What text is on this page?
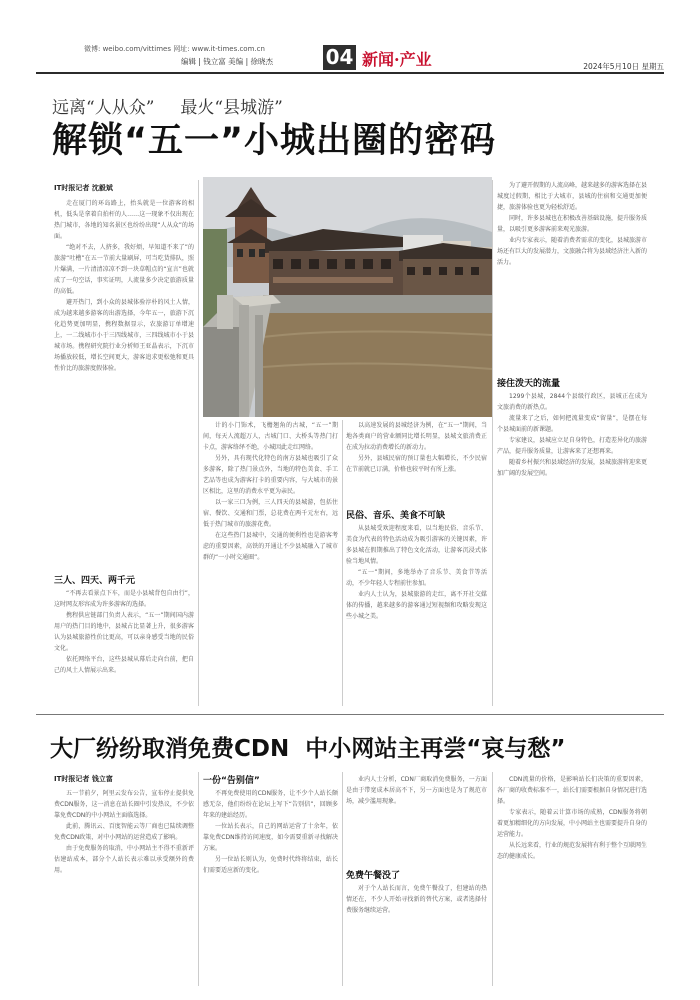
微博: weibo.com/vittimes 网址: www.it-times.com.cn
编辑 | 钱立富 美编 | 徐晓杰	04 新闻·产业	2024年5月10日 星期五
远离“人从众” 最火“县城游”
解锁“五一”小城出圈的密码
IT时报记者 沈毅斌

走在厦门的环岛路上，抬头就是一位游客的相机，低头是拿着自拍杆的人……这一现象不仅出现在热门城市，各地的知名景区也纷纷出现“人从众”的场面。

“绝对不去，人挤多，我好烦，早知道不来了”的旅游“吐槽”在五一节前大量刷屏，可当吃货排队，照片爆满，一片清清凉凉不到一块草帽点的“宣言”也就成了一句空话，事实证明，人流量多少决定旅游质量的高低。

避开热门，到小众的县城体验淳朴的风土人情，成为越来越多游客的出游选择，今年五一，旅游下沉化趋势更加明显，携程数据显示，农旅游订单增速上，一二线城市小于三四线城市，三四线城市小于县城市场。携程研究院行业分析师王亚晶表示，下沉市场播放较低，增长空间更大，游客追求更松弛和更具性价比的旅游度假体验。

三人、四天、两千元

“不再去看景点下车，而是小县城背包自由行”，这时网友形容成为许多游客的选择。

携程供应链部门负责人表示，“五一”期间国内游用户的热门目的地中，县城占比显著上升，很多游客认为县城旅游性价比更高，可以亲身感受当地的民俗文化。

依托网络平台，这些县城从幕后走向台前，把自己的风土人情展示出来。

计的小门饰术，飞檐翘角的古城，“五一”期间，每天人流超万人，古城门口、大桥头等热门打卡点，游客络绎不绝，小城因此走红网络。

另外，具有现代化特色的南方县城也吸引了众多游客，除了热门景点外，当地的特色美食、手工艺品等也成为游客打卡的重要内容，与大城市的景区相比，这里的消费水平更为亲民。

以一家三口为例，三人四天的县城游，包括住宿、餐饮、交通和门票，总花费在两千元左右，远低于热门城市的旅游花费。

在这些热门县城中，交通的便利性也是游客考虑的重要因素，高铁的开通让不少县城融入了城市群的“一小时交通圈”。

以高速发展的县城经济为例，在“五一”期间，当地各类商户的营业额同比增长明显，县城文旅消费正在成为拉动消费增长的新动力。

另外，县城民宿的预订量也大幅增长，不少民宿在节前就已订满，价格也较平时有所上涨。

民俗、音乐、美食不可缺

从县城受欢迎程度来看，以当地民俗、音乐节、美食为代表的特色活动成为吸引游客的关键因素，许多县城在假期推出了特色文化活动，让游客沉浸式体验当地风情。

“五一”期间，多地举办了音乐节、美食节等活动，不少年轻人专程前往参加。

业内人士认为，县城旅游的走红，离不开社交媒体的传播，越来越多的游客通过短视频和攻略发现这些小城之美。

为了避开假期的人流高峰，越来越多的游客选择在县城度过假期，相比于大城市，县城的住宿和交通更加便捷，旅游体验也更为轻松舒适。

同时，许多县城也在积极改善基础设施，提升服务质量，以吸引更多游客前来观光旅游。

业内专家表示，随着消费者需求的变化，县城旅游市场还有巨大的发展潜力，文旅融合将为县域经济注入新的活力。

接住泼天的流量

1299个县城，2844个县级行政区，县城正在成为文旅消费的新热点。

流量来了之后，如何把流量变成“留量”，是摆在每个县城面前的新课题。

专家建议，县城应立足自身特色，打造差异化的旅游产品，提升服务质量，让游客来了还想再来。

随着乡村振兴和县域经济的发展，县城旅游将迎来更加广阔的发展空间。

大厂纷纷取消免费CDN 中小网站主再尝“哀与愁”
IT时报记者 钱立富

五一节前夕，阿里云发布公告，宣布停止提供免费CDN服务，这一消息在站长圈中引发热议，不少依靠免费CDN的中小网站主面临选择。

此前，腾讯云、百度智能云等厂商也已陆续调整免费CDN政策，对中小网站的运营造成了影响。

由于免费服务的取消，中小网站主不得不重新评估建站成本，部分个人站长表示难以承受额外的费用。

一份“告别信”

不再免费使用的CDN服务，让不少个人站长颇感无奈，他们纷纷在论坛上写下“告别信”，回顾多年来的建站经历。

一位站长表示，自己的网站运营了十余年，依靠免费CDN维持访问速度，如今需要重新寻找解决方案。

另一位站长则认为，免费时代终将结束，站长们需要适应新的变化。

业内人士分析，CDN厂商取消免费服务，一方面是由于带宽成本居高不下，另一方面也是为了规范市场，减少滥用现象。

免费午餐没了

对于个人站长而言，免费午餐没了，但建站的热情还在，不少人开始寻找新的替代方案，或者选择付费服务继续运营。

CDN流量的价格，是影响站长们决策的重要因素，各厂商的收费标准不一，站长们需要根据自身情况进行选择。

专家表示，随着云计算市场的成熟，CDN服务将朝着更加精细化的方向发展，中小网站主也需要提升自身的运营能力。

从长远来看，行业的规范发展将有利于整个互联网生态的健康成长。
